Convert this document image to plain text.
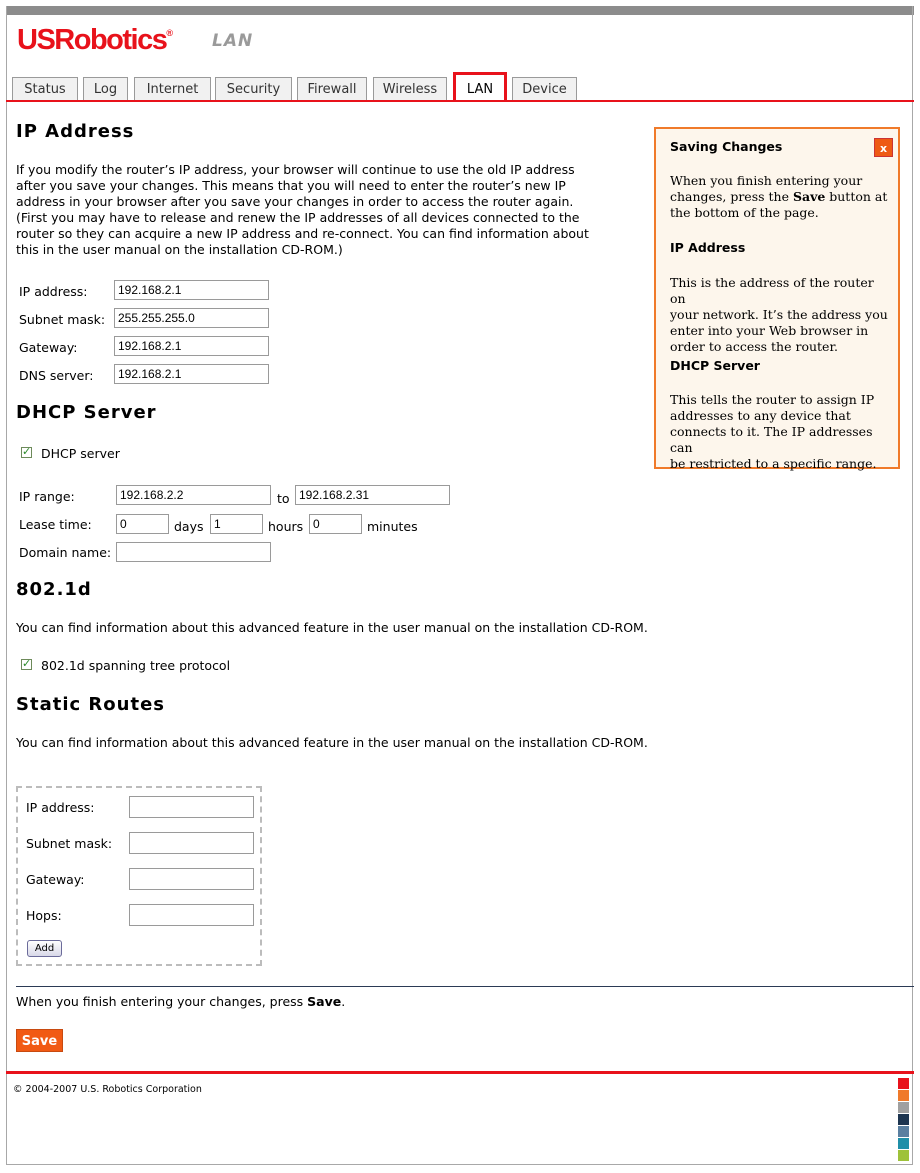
USRobotics® LAN
Status	Log	Internet	Security	Firewall	Wireless	LAN	Device
IP Address
If you modify the router’s IP address, your browser will continue to use the old IP address
after you save your changes. This means that you will need to enter the router’s new IP
address in your browser after you save your changes in order to access the router again.
(First you may have to release and renew the IP addresses of all devices connected to the
router so they can acquire a new IP address and re-connect. You can find information about
this in the user manual on the installation CD-ROM.)
IP address:
192.168.2.1
Subnet mask:
255.255.255.0
Gateway:
192.168.2.1
DNS server:
192.168.2.1
DHCP Server
✓
DHCP server
IP range:
192.168.2.2	to
192.168.2.31
Lease time:
0	days
1	hours
0	minutes
Domain name:
802.1d
You can find information about this advanced feature in the user manual on the installation CD-ROM.
✓
802.1d spanning tree protocol
Static Routes
You can find information about this advanced feature in the user manual on the installation CD-ROM.
IP address:
Subnet mask:
Gateway:
Hops:
Add
When you finish entering your changes, press Save.
Save
Saving Changes	x
When you finish entering your
changes, press the Save button at
the bottom of the page.
IP Address
This is the address of the router on
your network. It’s the address you
enter into your Web browser in
order to access the router.
DHCP Server
This tells the router to assign IP
addresses to any device that
connects to it. The IP addresses can
be restricted to a specific range.
© 2004-2007 U.S. Robotics Corporation
